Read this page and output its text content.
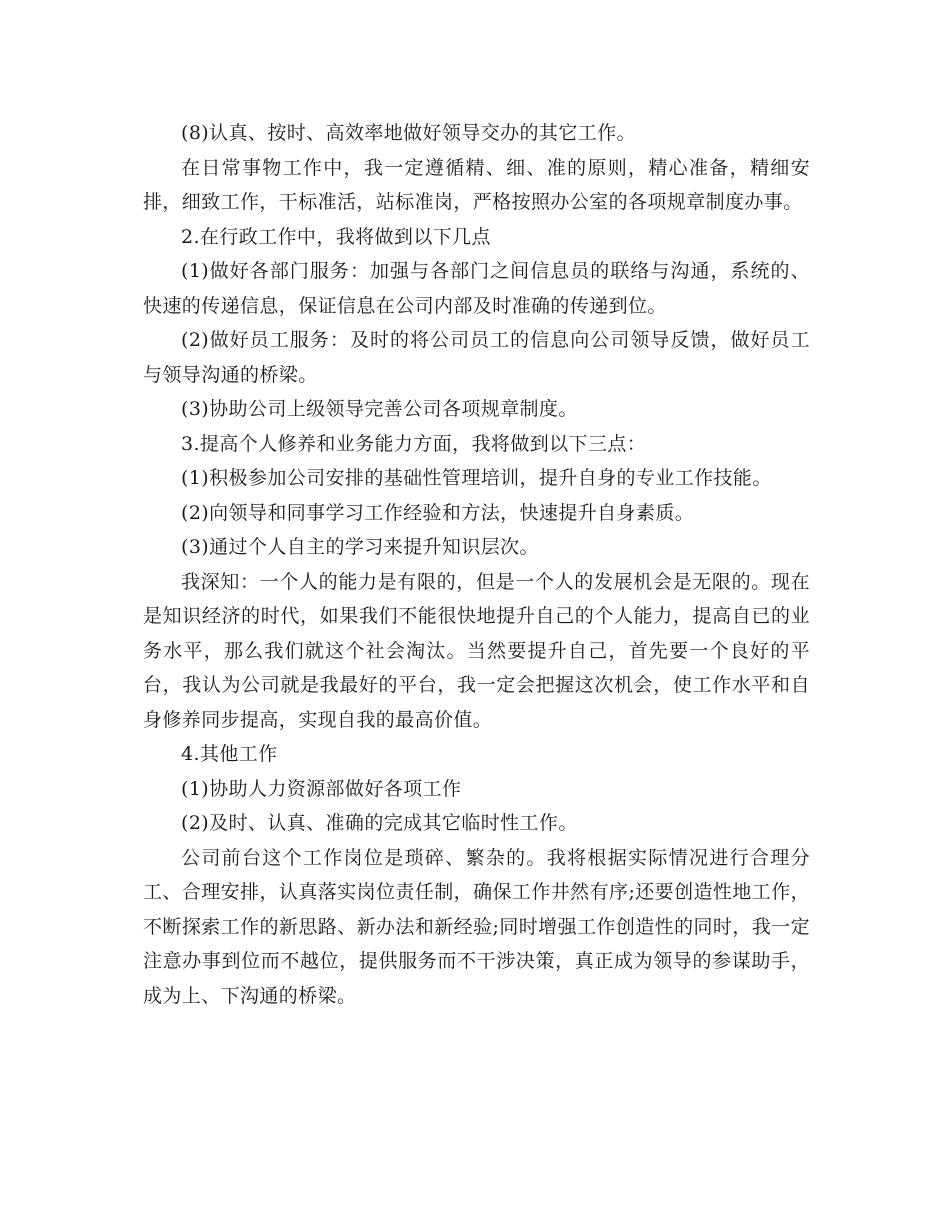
(8)认真、按时、高效率地做好领导交办的其它工作。

在日常事物工作中，我一定遵循精、细、准的原则，精心准备，精细安排，细致工作，干标准活，站标准岗，严格按照办公室的各项规章制度办事。

2.在行政工作中，我将做到以下几点

(1)做好各部门服务：加强与各部门之间信息员的联络与沟通，系统的、快速的传递信息，保证信息在公司内部及时准确的传递到位。

(2)做好员工服务：及时的将公司员工的信息向公司领导反馈，做好员工与领导沟通的桥梁。

(3)协助公司上级领导完善公司各项规章制度。

3.提高个人修养和业务能力方面，我将做到以下三点：

(1)积极参加公司安排的基础性管理培训，提升自身的专业工作技能。

(2)向领导和同事学习工作经验和方法，快速提升自身素质。

(3)通过个人自主的学习来提升知识层次。

我深知：一个人的能力是有限的，但是一个人的发展机会是无限的。现在是知识经济的时代，如果我们不能很快地提升自己的个人能力，提高自已的业务水平，那么我们就这个社会淘汰。当然要提升自己，首先要一个良好的平台，我认为公司就是我最好的平台，我一定会把握这次机会，使工作水平和自身修养同步提高，实现自我的最高价值。

4.其他工作

(1)协助人力资源部做好各项工作

(2)及时、认真、准确的完成其它临时性工作。

公司前台这个工作岗位是琐碎、繁杂的。我将根据实际情况进行合理分工、合理安排，认真落实岗位责任制，确保工作井然有序;还要创造性地工作，不断探索工作的新思路、新办法和新经验;同时增强工作创造性的同时，我一定注意办事到位而不越位，提供服务而不干涉决策，真正成为领导的参谋助手，成为上、下沟通的桥梁。
